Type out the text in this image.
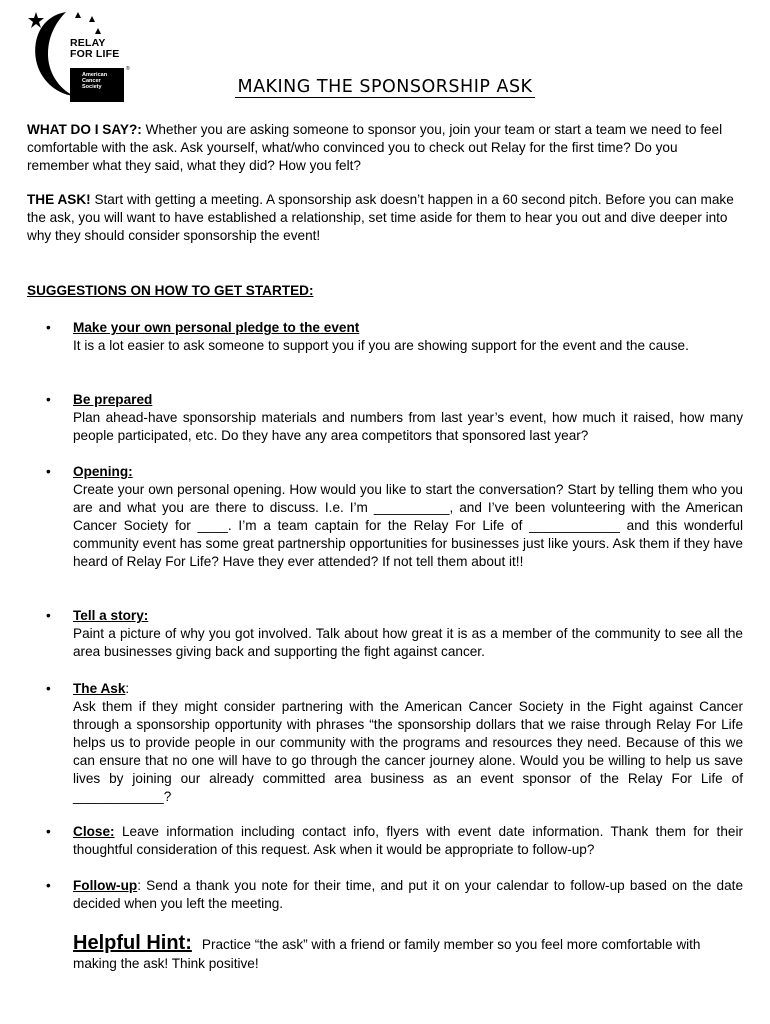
RELAY
FOR LIFE
American
Cancer
Society
®
MAKING THE SPONSORSHIP ASK

WHAT DO I SAY?: Whether you are asking someone to sponsor you, join your team or start a team we need to feel comfortable with the ask. Ask yourself, what/who convinced you to check out Relay for the first time? Do you remember what they said, what they did? How you felt?

THE ASK! Start with getting a meeting. A sponsorship ask doesn’t happen in a 60 second pitch. Before you can make the ask, you will want to have established a relationship, set time aside for them to hear you out and dive deeper into why they should consider sponsorship the event!

SUGGESTIONS ON HOW TO GET STARTED:
• Make your own personal pledge to the event
It is a lot easier to ask someone to support you if you are showing support for the event and the cause.
• Be prepared
Plan ahead-have sponsorship materials and numbers from last year’s event, how much it raised, how many people participated, etc. Do they have any area competitors that sponsored last year?
• Opening:
Create your own personal opening. How would you like to start the conversation? Start by telling them who you are and what you are there to discuss. I.e. I’m __________, and I’ve been volunteering with the American Cancer Society for ____. I’m a team captain for the Relay For Life of ____________ and this wonderful community event has some great partnership opportunities for businesses just like yours. Ask them if they have heard of Relay For Life? Have they ever attended? If not tell them about it!!
• Tell a story:
Paint a picture of why you got involved. Talk about how great it is as a member of the community to see all the area businesses giving back and supporting the fight against cancer.
• The Ask:
Ask them if they might consider partnering with the American Cancer Society in the Fight against Cancer through a sponsorship opportunity with phrases “the sponsorship dollars that we raise through Relay For Life helps us to provide people in our community with the programs and resources they need. Because of this we can ensure that no one will have to go through the cancer journey alone. Would you be willing to help us save lives by joining our already committed area business as an event sponsor of the Relay For Life of ____________?
• Close: Leave information including contact info, flyers with event date information. Thank them for their thoughtful consideration of this request. Ask when it would be appropriate to follow-up?
• Follow-up: Send a thank you note for their time, and put it on your calendar to follow-up based on the date decided when you left the meeting.
Helpful Hint: Practice “the ask” with a friend or family member so you feel more comfortable with making the ask! Think positive!
